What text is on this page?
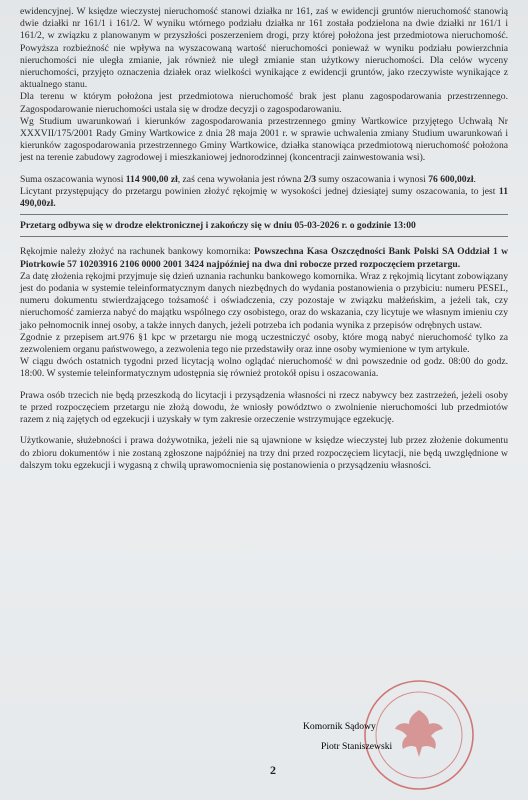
ewidencyjnej. W księdze wieczystej nieruchomość stanowi działka nr 161, zaś w ewidencji gruntów nieruchomość stanowią dwie działki nr 161/1 i 161/2. W wyniku wtórnego podziału działka nr 161 została podzielona na dwie działki nr 161/1 i 161/2, w związku z planowanym w przyszłości poszerzeniem drogi, przy której położona jest przedmiotowa nieruchomość. Powyższa rozbieżność nie wpływa na wyszacowaną wartość nieruchomości ponieważ w wyniku podziału powierzchnia nieruchomości nie uległa zmianie, jak również nie uległ zmianie stan użytkowy nieruchomości. Dla celów wyceny nieruchomości, przyjęto oznaczenia działek oraz wielkości wynikające z ewidencji gruntów, jako rzeczywiste wynikające z aktualnego stanu.

Dla terenu w którym położona jest przedmiotowa nieruchomość brak jest planu zagospodarowania przestrzennego. Zagospodarowanie nieruchomości ustala się w drodze decyzji o zagospodarowaniu.

Wg Studium uwarunkowań i kierunków zagospodarowania przestrzennego gminy Wartkowice przyjętego Uchwałą Nr XXXVII/175/2001 Rady Gminy Wartkowice z dnia 28 maja 2001 r. w sprawie uchwalenia zmiany Studium uwarunkowań i kierunków zagospodarowania przestrzennego Gminy Wartkowice, działka stanowiąca przedmiotową nieruchomość położona jest na terenie zabudowy zagrodowej i mieszkaniowej jednorodzinnej (koncentracji zainwestowania wsi).

Suma oszacowania wynosi 114 900,00 zł, zaś cena wywołania jest równa 2/3 sumy oszacowania i wynosi 76 600,00zł.

Licytant przystępujący do przetargu powinien złożyć rękojmię w wysokości jednej dziesiątej sumy oszacowania, to jest 11 490,00zł.

Przetarg odbywa się w drodze elektronicznej i zakończy się w dniu 05-03-2026 r. o godzinie 13:00

Rękojmie należy złożyć na rachunek bankowy komornika: Powszechna Kasa Oszczędności Bank Polski SA Oddział 1 w Piotrkowie 57 10203916 2106 0000 2001 3424 najpóźniej na dwa dni robocze przed rozpoczęciem przetargu.

Za datę złożenia rękojmi przyjmuje się dzień uznania rachunku bankowego komornika. Wraz z rękojmią licytant zobowiązany jest do podania w systemie teleinformatycznym danych niezbędnych do wydania postanowienia o przybiciu: numeru PESEL, numeru dokumentu stwierdzającego tożsamość i oświadczenia, czy pozostaje w związku małżeńskim, a jeżeli tak, czy nieruchomość zamierza nabyć do majątku wspólnego czy osobistego, oraz do wskazania, czy licytuje we własnym imieniu czy jako pełnomocnik innej osoby, a także innych danych, jeżeli potrzeba ich podania wynika z przepisów odrębnych ustaw.

Zgodnie z przepisem art.976 §1 kpc w przetargu nie mogą uczestniczyć osoby, które mogą nabyć nieruchomość tylko za zezwoleniem organu państwowego, a zezwolenia tego nie przedstawiły oraz inne osoby wymienione w tym artykule.

W ciągu dwóch ostatnich tygodni przed licytacją wolno oglądać nieruchomość w dni powszednie od godz. 08:00 do godz. 18:00. W systemie teleinformatycznym udostępnia się również protokół opisu i oszacowania.

Prawa osób trzecich nie będą przeszkodą do licytacji i przysądzenia własności ni rzecz nabywcy bez zastrzeżeń, jeżeli osoby te przed rozpoczęciem przetargu nie złożą dowodu, że wniosły powództwo o zwolnienie nieruchomości lub przedmiotów razem z nią zajętych od egzekucji i uzyskały w tym zakresie orzeczenie wstrzymujące egzekucję.

Użytkowanie, służebności i prawa dożywotnika, jeżeli nie są ujawnione w księdze wieczystej lub przez złożenie dokumentu do zbioru dokumentów i nie zostaną zgłoszone najpóźniej na trzy dni przed rozpoczęciem licytacji, nie będą uwzględnione w dalszym toku egzekucji i wygasną z chwilą uprawomocnienia się postanowienia o przysądzeniu własności.

Komornik Sądowy
Piotr Staniszewski
2
